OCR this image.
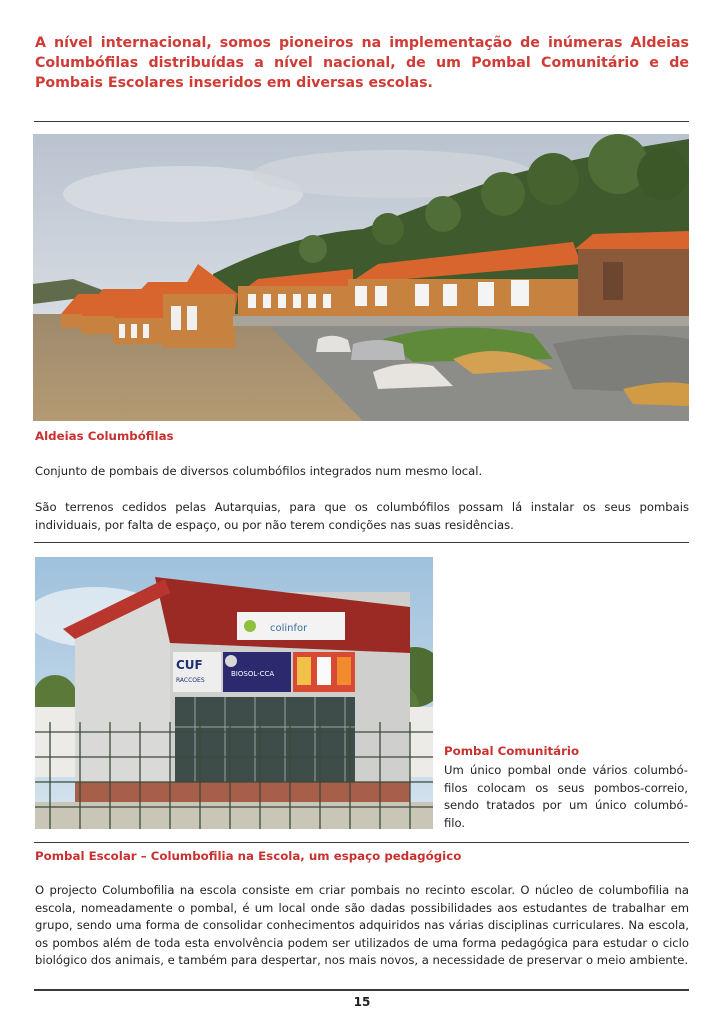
A nível internacional, somos pioneiros na implementação de inúmeras Aldeias Columbófilas distribuídas a nível nacional, de um Pombal Comunitário e de Pombais Escolares inseridos em diversas escolas.
Aldeias Columbófilas
Conjunto de pombais de diversos columbófilos integrados num mesmo local.
São terrenos cedidos pelas Autarquias, para que os columbófilos possam lá instalar os seus pombais individuais, por falta de espaço, ou por não terem condições nas suas residências.
colinfor
CUF
RACCOES
BIOSOL-CCA
Pombal Comunitário
Um único pombal onde vários columbó-filos colocam os seus pombos-correio, sendo tratados por um único columbó-filo.
Pombal Escolar – Columbofilia na Escola, um espaço pedagógico
O projecto Columbofilia na escola consiste em criar pombais no recinto escolar. O núcleo de columbofilia na escola, nomeadamente o pombal, é um local onde são dadas possibilidades aos estudantes de trabalhar em grupo, sendo uma forma de consolidar conhecimentos adquiridos nas várias disciplinas curriculares. Na escola, os pombos além de toda esta envolvência podem ser utilizados de uma forma pedagógica para estudar o ciclo biológico dos animais, e também para despertar, nos mais novos, a necessidade de preservar o meio ambiente.
15
